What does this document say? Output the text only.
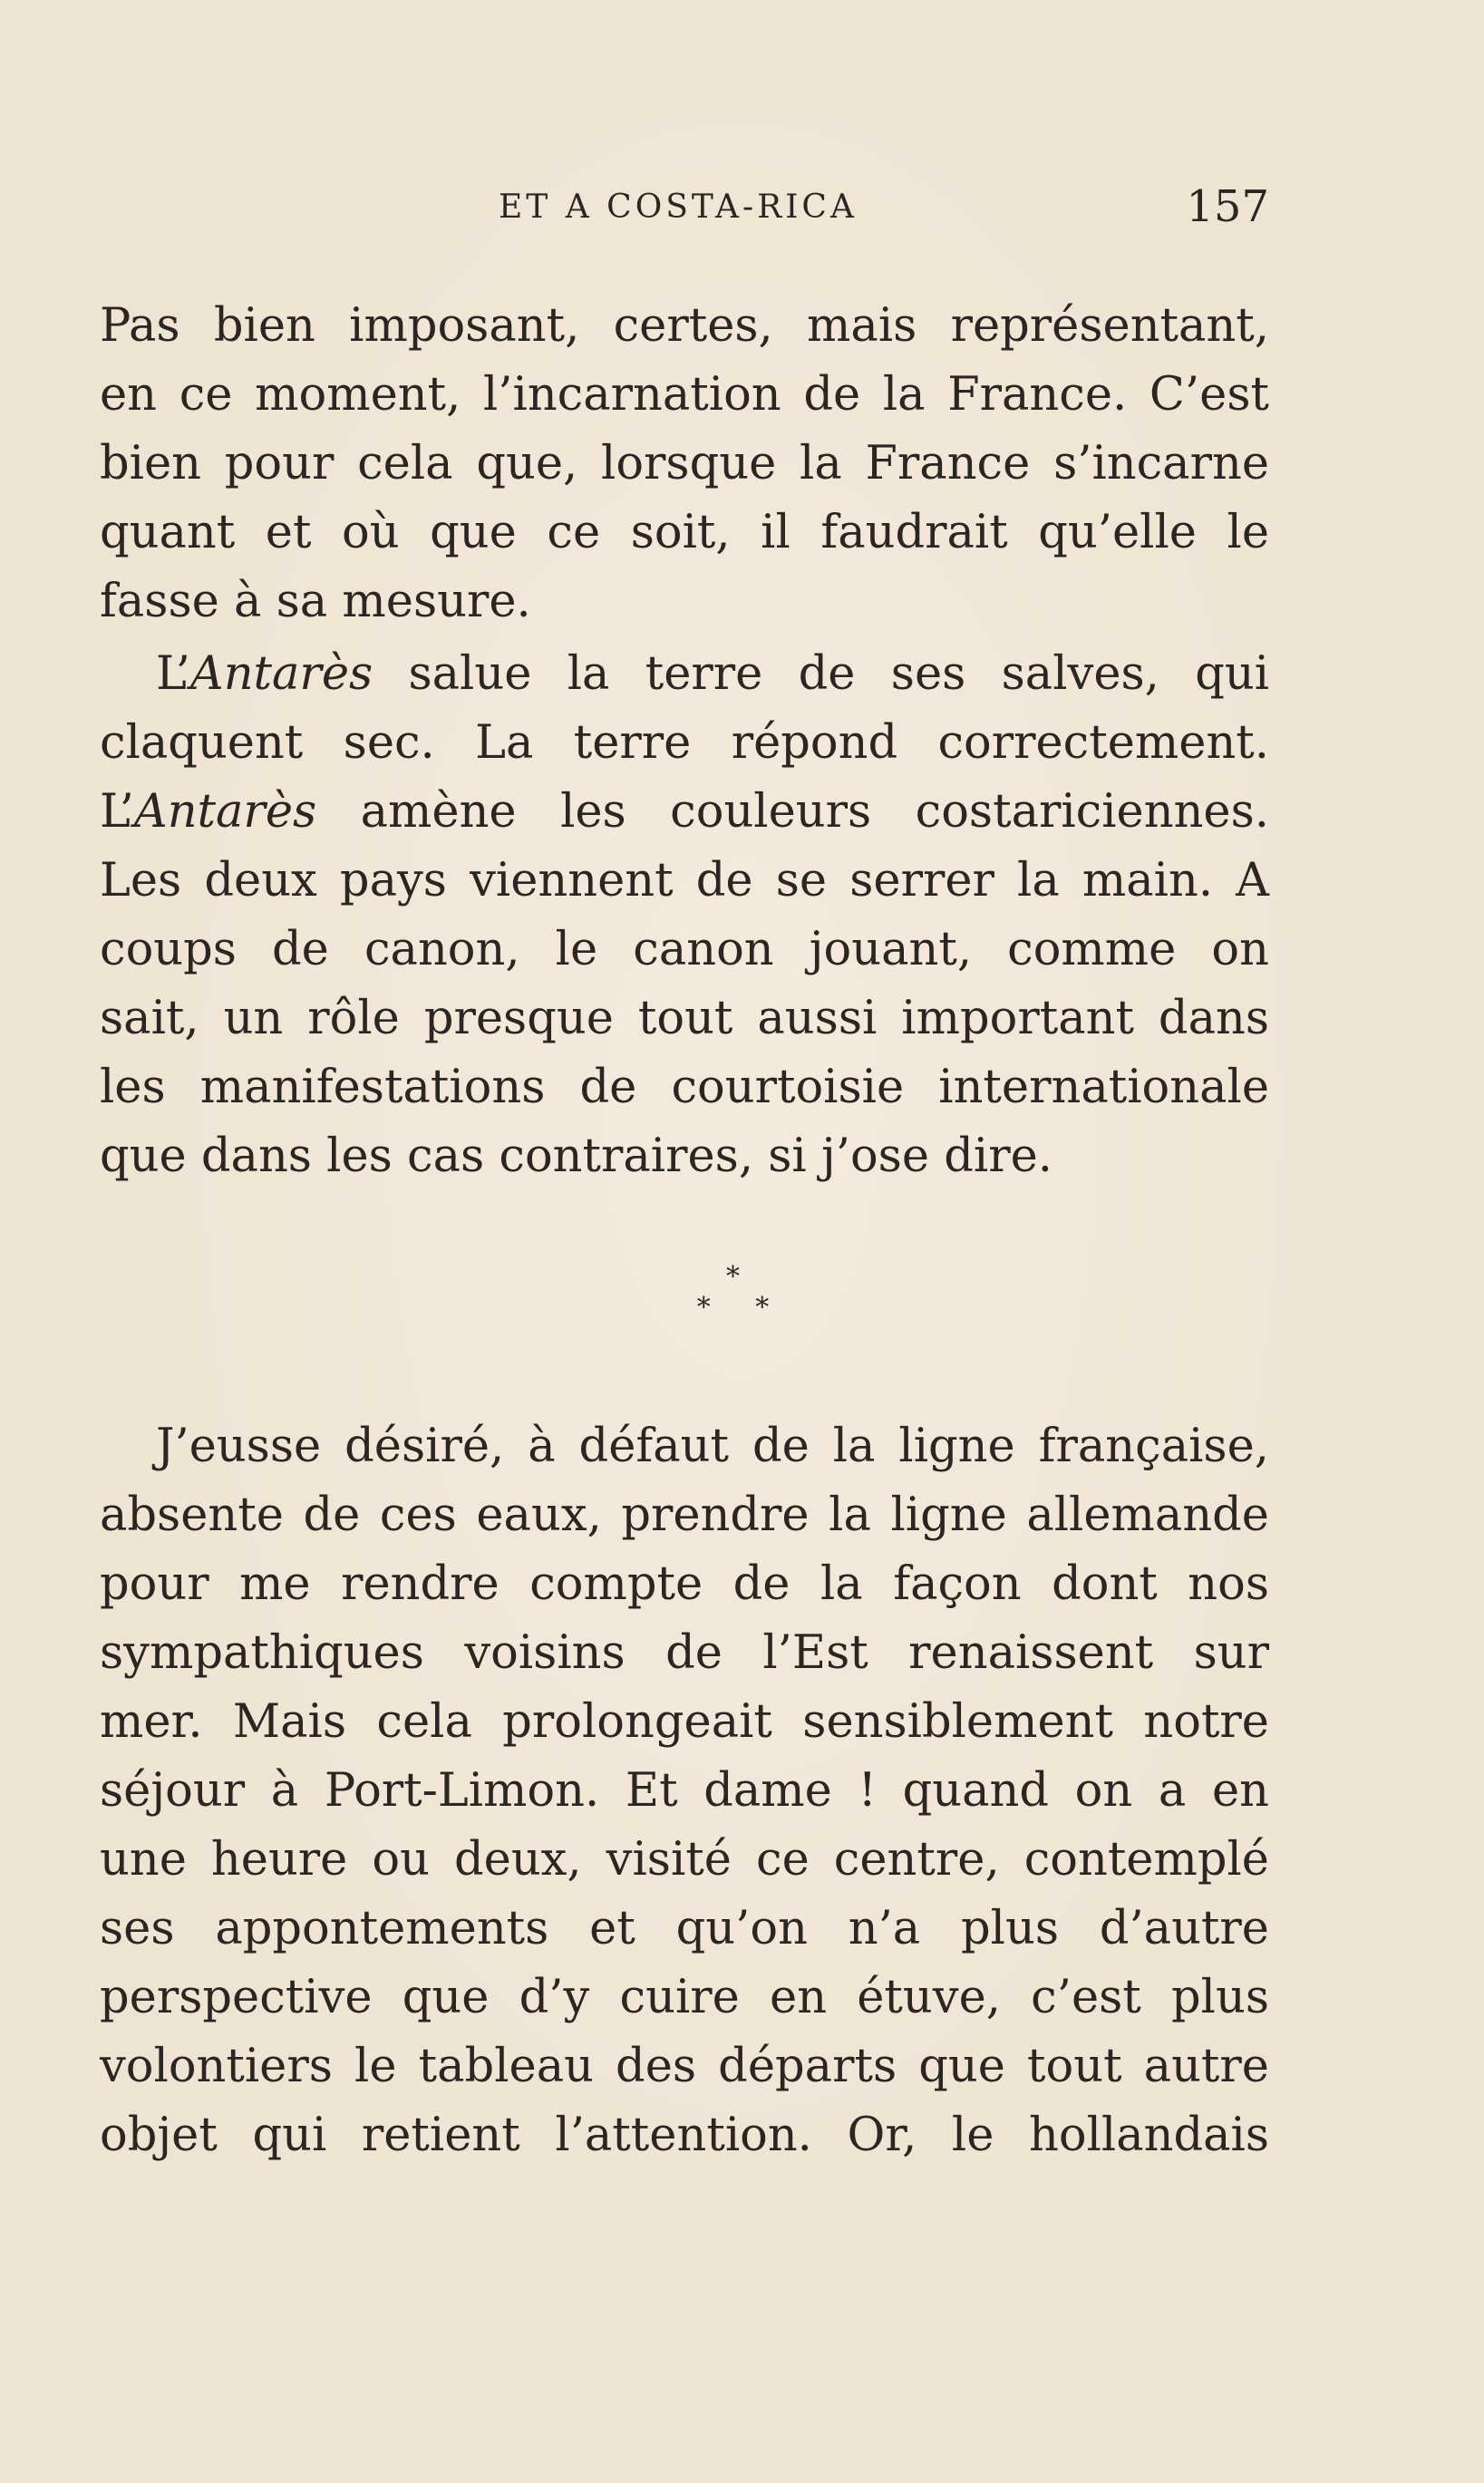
ET A COSTA-RICA	157
Pas bien imposant, certes, mais représentant,
en ce moment, l’incarnation de la France. C’est
bien pour cela que, lorsque la France s’incarne
quant et où que ce soit, il faudrait qu’elle le
fasse à sa mesure.
L’Antarès salue la terre de ses salves, qui
claquent sec. La terre répond correctement.
L’Antarès amène les couleurs costariciennes.
Les deux pays viennent de se serrer la main. A
coups de canon, le canon jouant, comme on
sait, un rôle presque tout aussi important dans
les manifestations de courtoisie internationale
que dans les cas contraires, si j’ose dire.
*
* *
J’eusse désiré, à défaut de la ligne française,
absente de ces eaux, prendre la ligne allemande
pour me rendre compte de la façon dont nos
sympathiques voisins de l’Est renaissent sur
mer. Mais cela prolongeait sensiblement notre
séjour à Port-Limon. Et dame ! quand on a en
une heure ou deux, visité ce centre, contemplé
ses appontements et qu’on n’a plus d’autre
perspective que d’y cuire en étuve, c’est plus
volontiers le tableau des départs que tout autre
objet qui retient l’attention. Or, le hollandais
